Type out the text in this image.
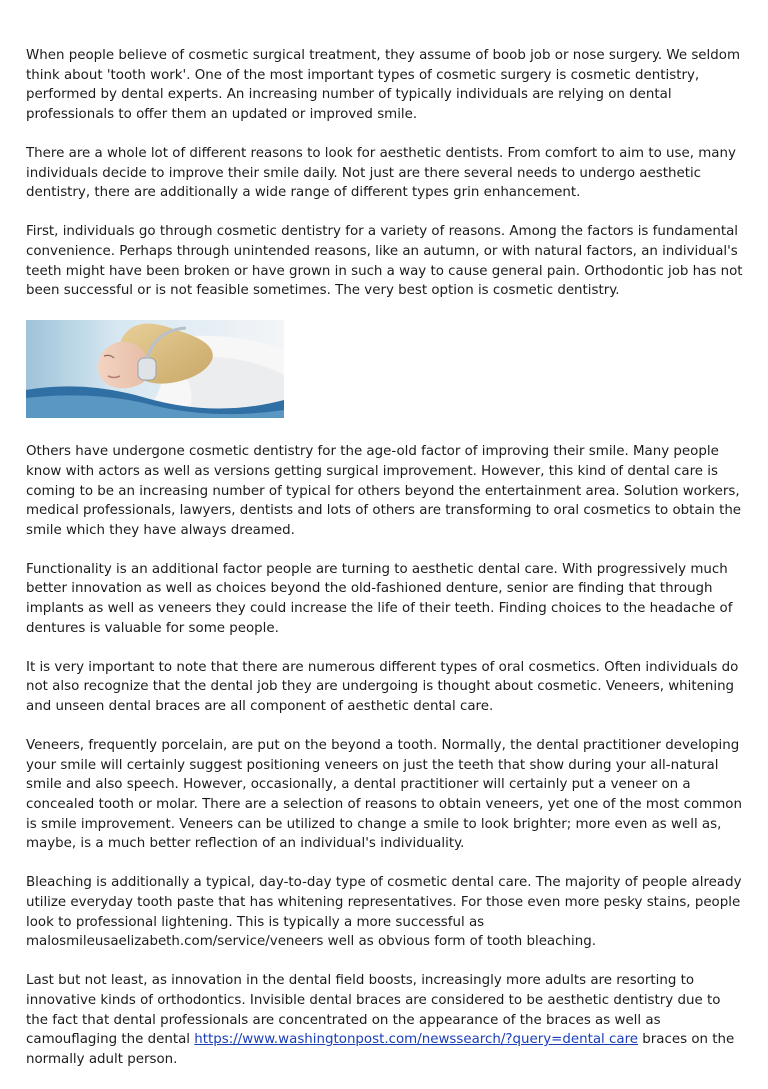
When people believe of cosmetic surgical treatment, they assume of boob job or nose surgery. We seldom think about 'tooth work'. One of the most important types of cosmetic surgery is cosmetic dentistry, performed by dental experts. An increasing number of typically individuals are relying on dental professionals to offer them an updated or improved smile.

There are a whole lot of different reasons to look for aesthetic dentists. From comfort to aim to use, many individuals decide to improve their smile daily. Not just are there several needs to undergo aesthetic dentistry, there are additionally a wide range of different types grin enhancement.

First, individuals go through cosmetic dentistry for a variety of reasons. Among the factors is fundamental convenience. Perhaps through unintended reasons, like an autumn, or with natural factors, an individual's teeth might have been broken or have grown in such a way to cause general pain. Orthodontic job has not been successful or is not feasible sometimes. The very best option is cosmetic dentistry.

Others have undergone cosmetic dentistry for the age-old factor of improving their smile. Many people know with actors as well as versions getting surgical improvement. However, this kind of dental care is coming to be an increasing number of typical for others beyond the entertainment area. Solution workers, medical professionals, lawyers, dentists and lots of others are transforming to oral cosmetics to obtain the smile which they have always dreamed.

Functionality is an additional factor people are turning to aesthetic dental care. With progressively much better innovation as well as choices beyond the old-fashioned denture, senior are finding that through implants as well as veneers they could increase the life of their teeth. Finding choices to the headache of dentures is valuable for some people.

It is very important to note that there are numerous different types of oral cosmetics. Often individuals do not also recognize that the dental job they are undergoing is thought about cosmetic. Veneers, whitening and unseen dental braces are all component of aesthetic dental care.

Veneers, frequently porcelain, are put on the beyond a tooth. Normally, the dental practitioner developing your smile will certainly suggest positioning veneers on just the teeth that show during your all-natural smile and also speech. However, occasionally, a dental practitioner will certainly put a veneer on a concealed tooth or molar. There are a selection of reasons to obtain veneers, yet one of the most common is smile improvement. Veneers can be utilized to change a smile to look brighter; more even as well as, maybe, is a much better reflection of an individual's individuality.

Bleaching is additionally a typical, day-to-day type of cosmetic dental care. The majority of people already utilize everyday tooth paste that has whitening representatives. For those even more pesky stains, people look to professional lightening. This is typically a more successful as malosmileusaelizabeth.com/service/veneers well as obvious form of tooth bleaching.

Last but not least, as innovation in the dental field boosts, increasingly more adults are resorting to innovative kinds of orthodontics. Invisible dental braces are considered to be aesthetic dentistry due to the fact that dental professionals are concentrated on the appearance of the braces as well as camouflaging the dental https://www.washingtonpost.com/newssearch/?query=dental care braces on the normally adult person.
